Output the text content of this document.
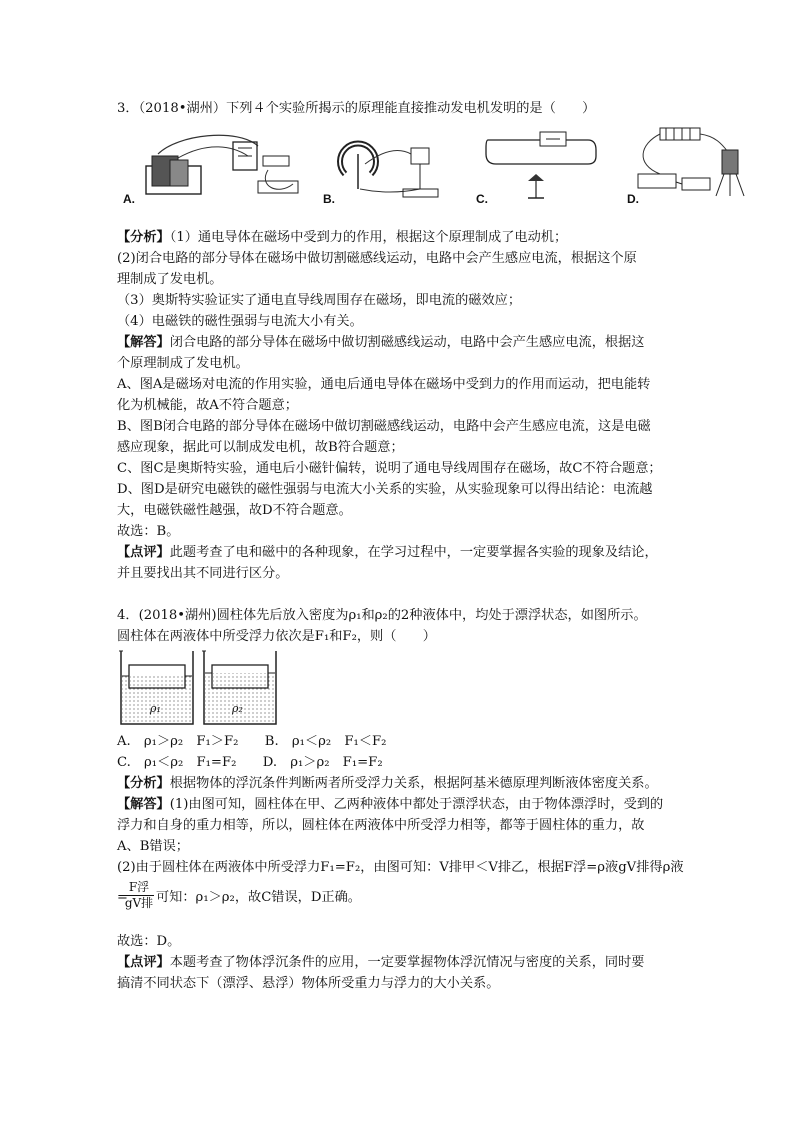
3．（2018•湖州）下列４个实验所揭示的原理能直接推动发电机发明的是（　　）
A.	B.	C.	D.
【分析】（1）通电导体在磁场中受到力的作用，根据这个原理制成了电动机；
(2)闭合电路的部分导体在磁场中做切割磁感线运动，电路中会产生感应电流，根据这个原
理制成了发电机。
（3）奥斯特实验证实了通电直导线周围存在磁场，即电流的磁效应；
（4）电磁铁的磁性强弱与电流大小有关。
【解答】闭合电路的部分导体在磁场中做切割磁感线运动，电路中会产生感应电流，根据这
个原理制成了发电机。
A、图A是磁场对电流的作用实验，通电后通电导体在磁场中受到力的作用而运动，把电能转
化为机械能，故A不符合题意；
B、图B闭合电路的部分导体在磁场中做切割磁感线运动，电路中会产生感应电流，这是电磁
感应现象，据此可以制成发电机，故B符合题意；
C、图C是奥斯特实验，通电后小磁针偏转，说明了通电导线周围存在磁场，故C不符合题意；
D、图D是研究电磁铁的磁性强弱与电流大小关系的实验，从实验现象可以得出结论：电流越
大，电磁铁磁性越强，故D不符合题意。
故选：B。
【点评】此题考查了电和磁中的各种现象，在学习过程中，一定要掌握各实验的现象及结论，
并且要找出其不同进行区分。
4．(2018•湖州)圆柱体先后放入密度为ρ₁和ρ₂的2种液体中，均处于漂浮状态，如图所示。
圆柱体在两液体中所受浮力依次是F₁和F₂，则（　　）
ρ₁	ρ₂
A.　ρ₁＞ρ₂　F₁＞F₂　　B.　ρ₁＜ρ₂　F₁＜F₂
C.　ρ₁＜ρ₂　F₁=F₂　　D.　ρ₁＞ρ₂　F₁=F₂
【分析】根据物体的浮沉条件判断两者所受浮力关系，根据阿基米德原理判断液体密度关系。
【解答】(1)由图可知，圆柱体在甲、乙两种液体中都处于漂浮状态，由于物体漂浮时，受到的
浮力和自身的重力相等，所以，圆柱体在两液体中所受浮力相等，都等于圆柱体的重力，故
A、B错误；
(2)由于圆柱体在两液体中所受浮力F₁=F₂，由图可知：V排甲＜V排乙，根据F浮=ρ液gV排得ρ液
=
F浮
gV排 可知：ρ₁＞ρ₂，故C错误，D正确。
故选：D。
【点评】本题考查了物体浮沉条件的应用，一定要掌握物体浮沉情况与密度的关系，同时要
搞清不同状态下（漂浮、悬浮）物体所受重力与浮力的大小关系。
